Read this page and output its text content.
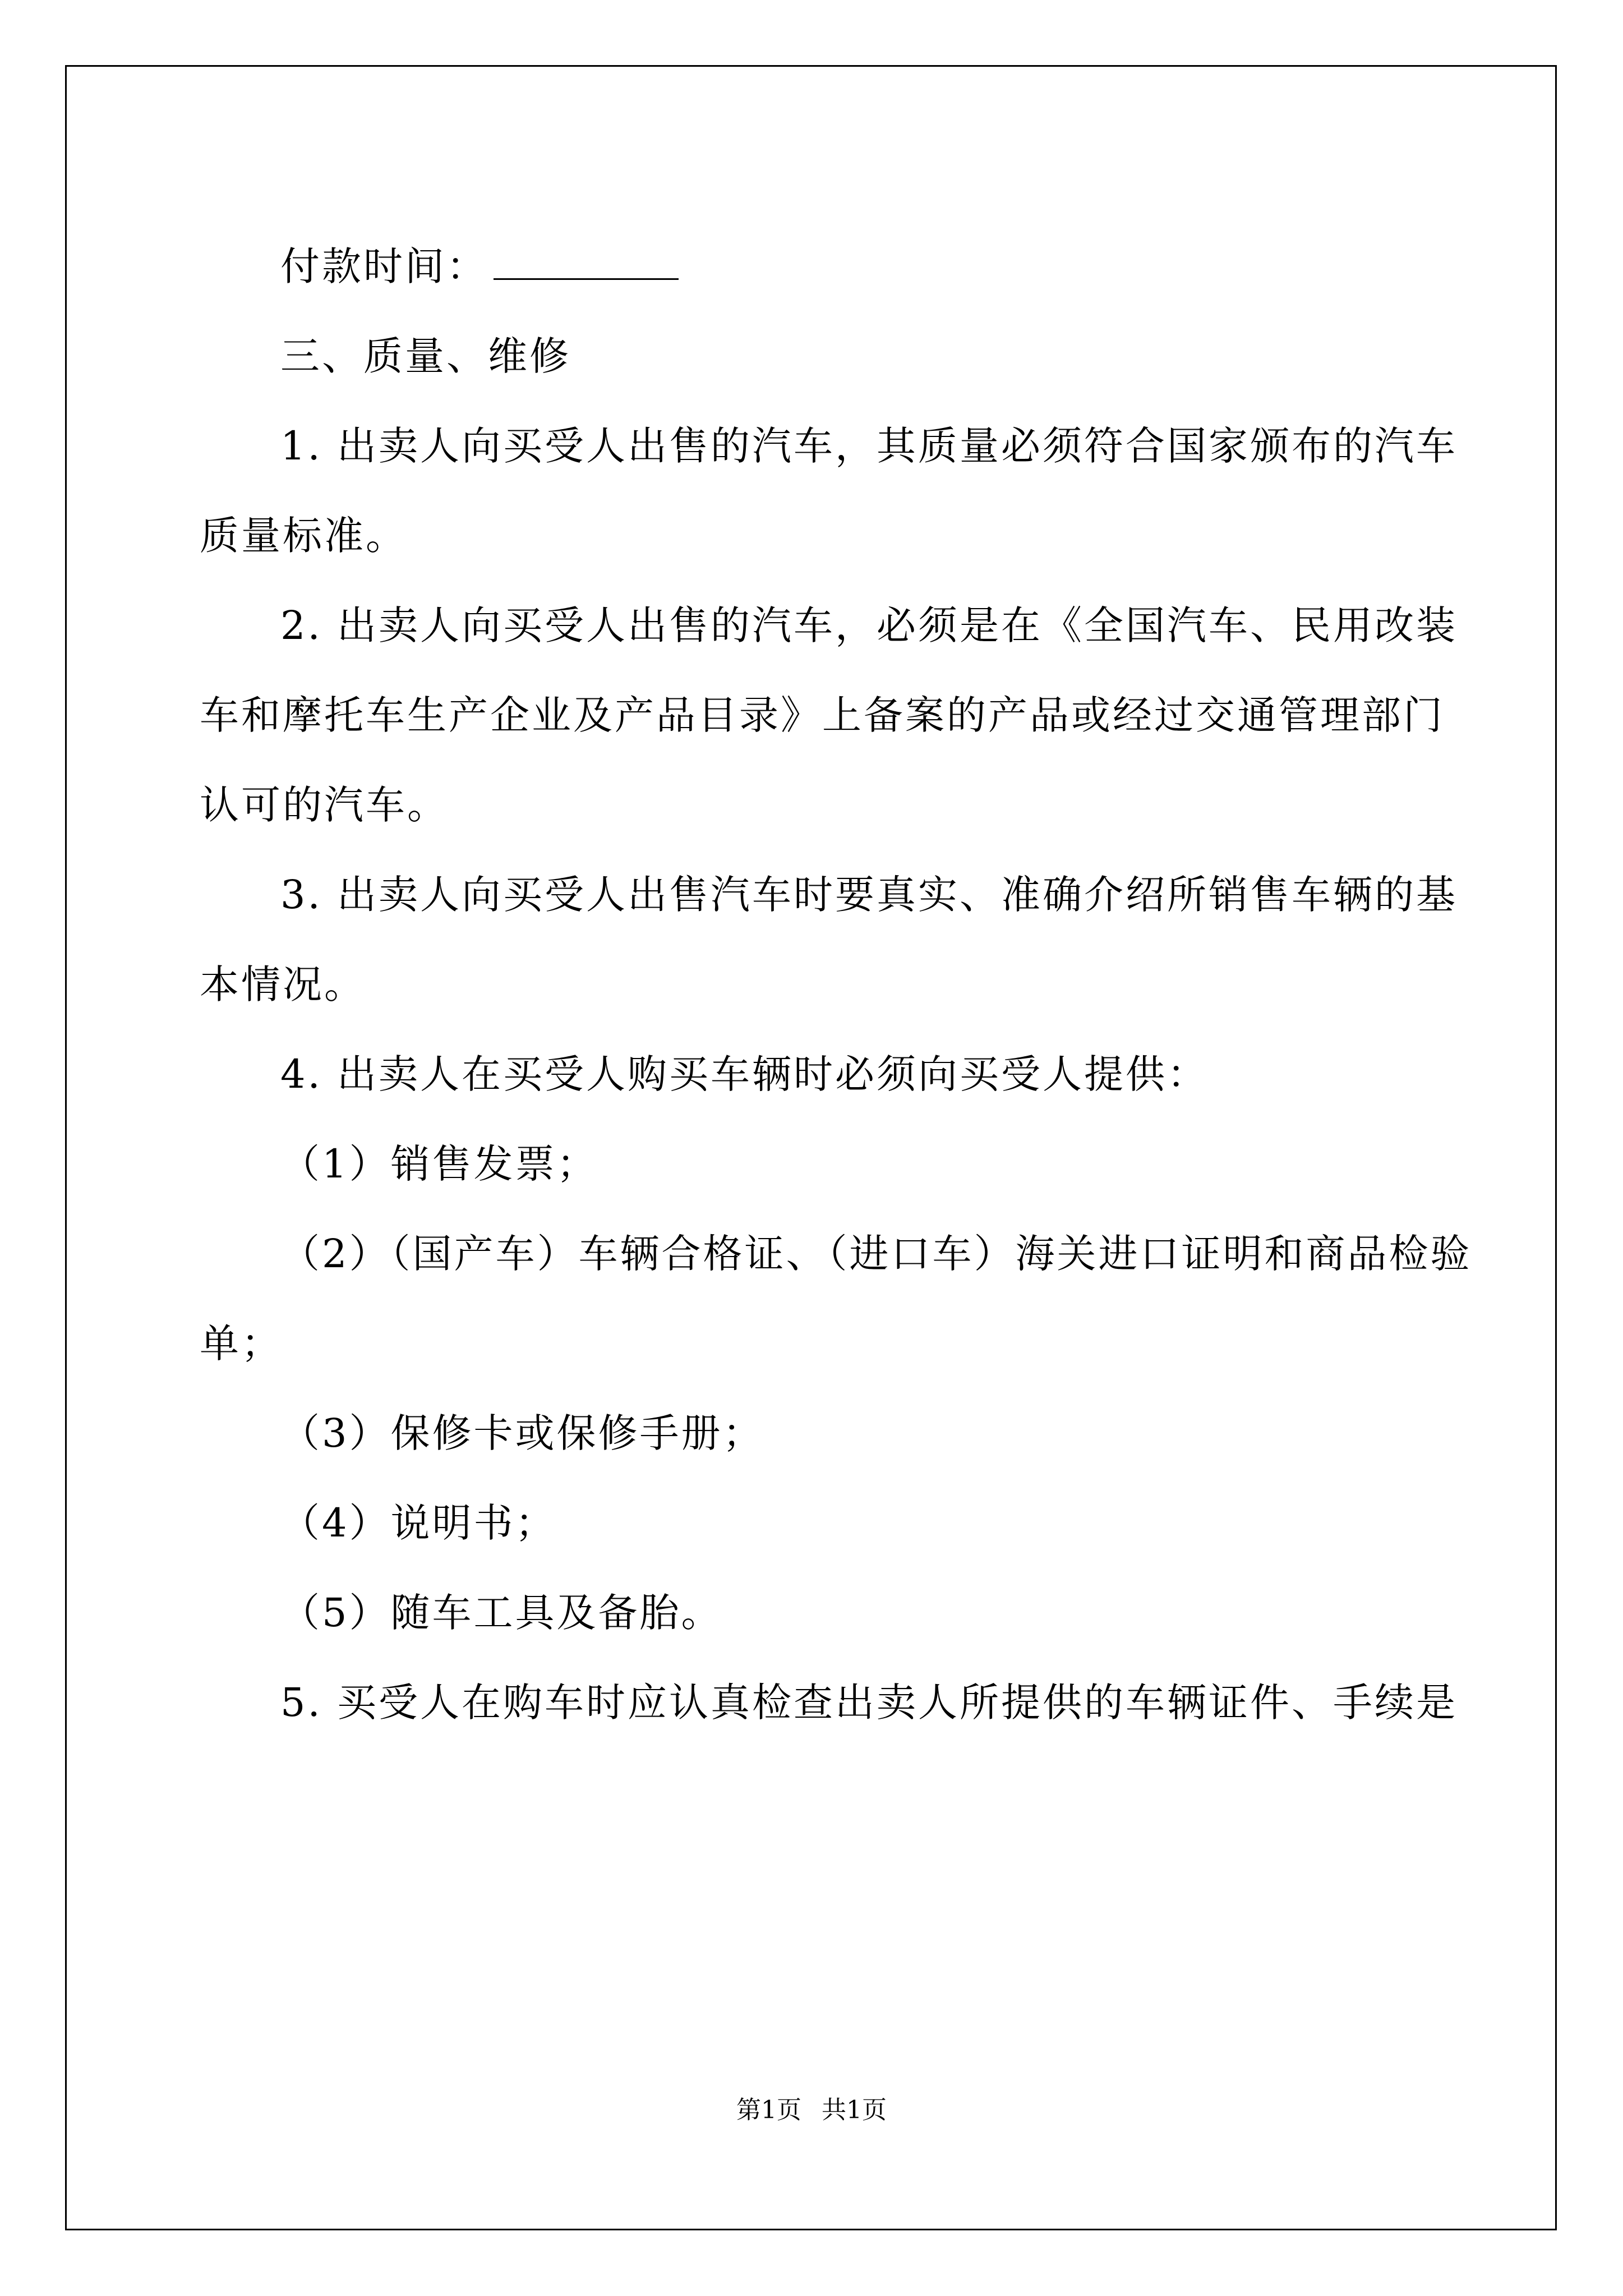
付款时间：

三、质量、维修

1. 出卖人向买受人出售的汽车，其质量必须符合国家颁布的汽车

质量标准。

2. 出卖人向买受人出售的汽车，必须是在《全国汽车、民用改装

车和摩托车生产企业及产品目录》上备案的产品或经过交通管理部门

认可的汽车。

3. 出卖人向买受人出售汽车时要真实、准确介绍所销售车辆的基

本情况。

4. 出卖人在买受人购买车辆时必须向买受人提供：

（1）销售发票；

（2）（国产车）车辆合格证、（进口车）海关进口证明和商品检验

单；

（3）保修卡或保修手册；

（4）说明书；

（5）随车工具及备胎。

5. 买受人在购车时应认真检查出卖人所提供的车辆证件、手续是

第1页 共1页
